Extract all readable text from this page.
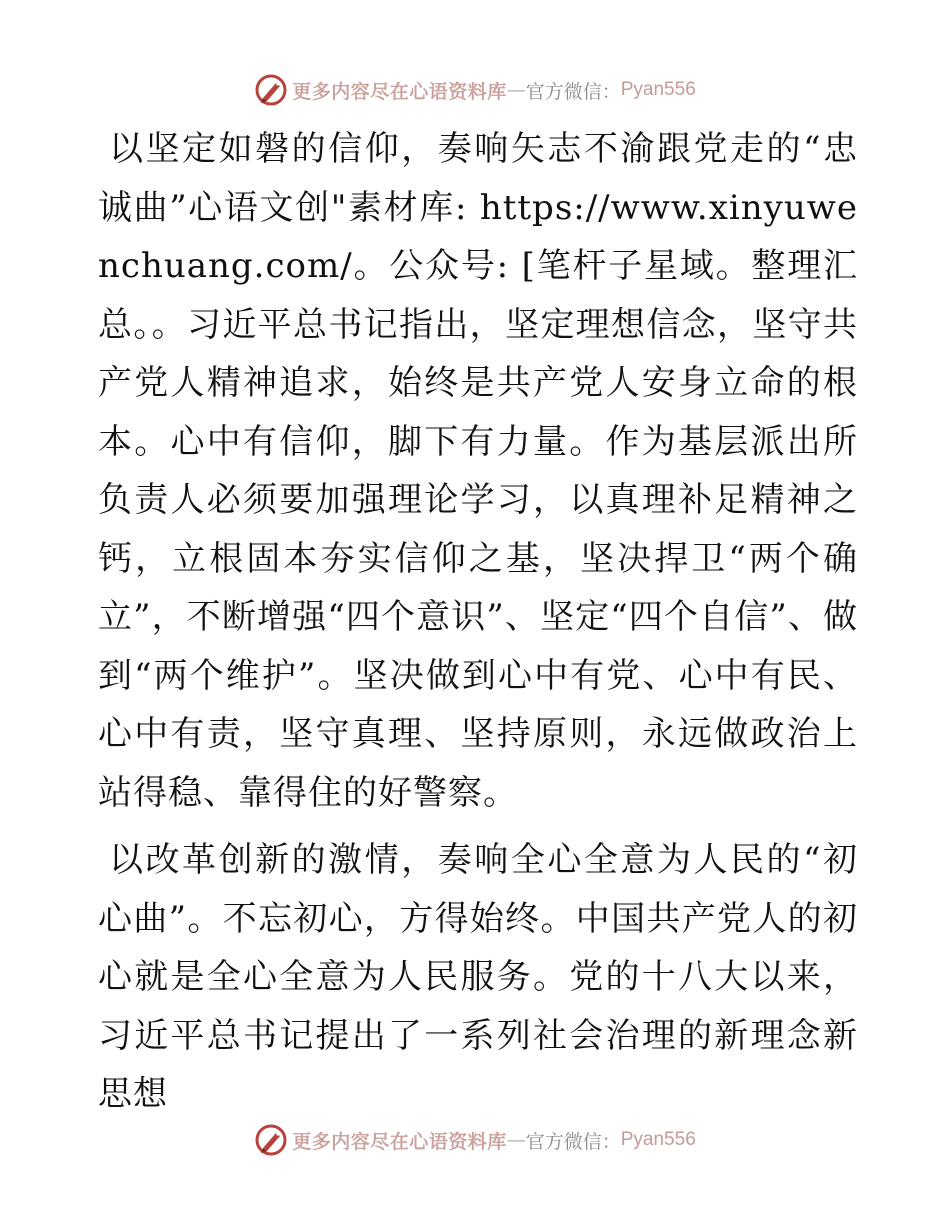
更多内容尽在心语资料库 — 官方微信： Pyan556

以坚定如磐的信仰，奏响矢志不渝跟党走的“忠诚曲”心语文创"素材库: https://www.xinyuwenchuang.com/。公众号: [笔杆子星域。整理汇总。。习近平总书记指出，坚定理想信念，坚守共产党人精神追求，始终是共产党人安身立命的根本。心中有信仰，脚下有力量。作为基层派出所负责人必须要加强理论学习，以真理补足精神之钙，立根固本夯实信仰之基，坚决捍卫“两个确立”，不断增强“四个意识”、坚定“四个自信”、做到“两个维护”。坚决做到心中有党、心中有民、心中有责，坚守真理、坚持原则，永远做政治上站得稳、靠得住的好警察。

以改革创新的激情，奏响全心全意为人民的“初心曲”。不忘初心，方得始终。中国共产党人的初心就是全心全意为人民服务。党的十八大以来，习近平总书记提出了一系列社会治理的新理念新思想

更多内容尽在心语资料库 — 官方微信： Pyan556
